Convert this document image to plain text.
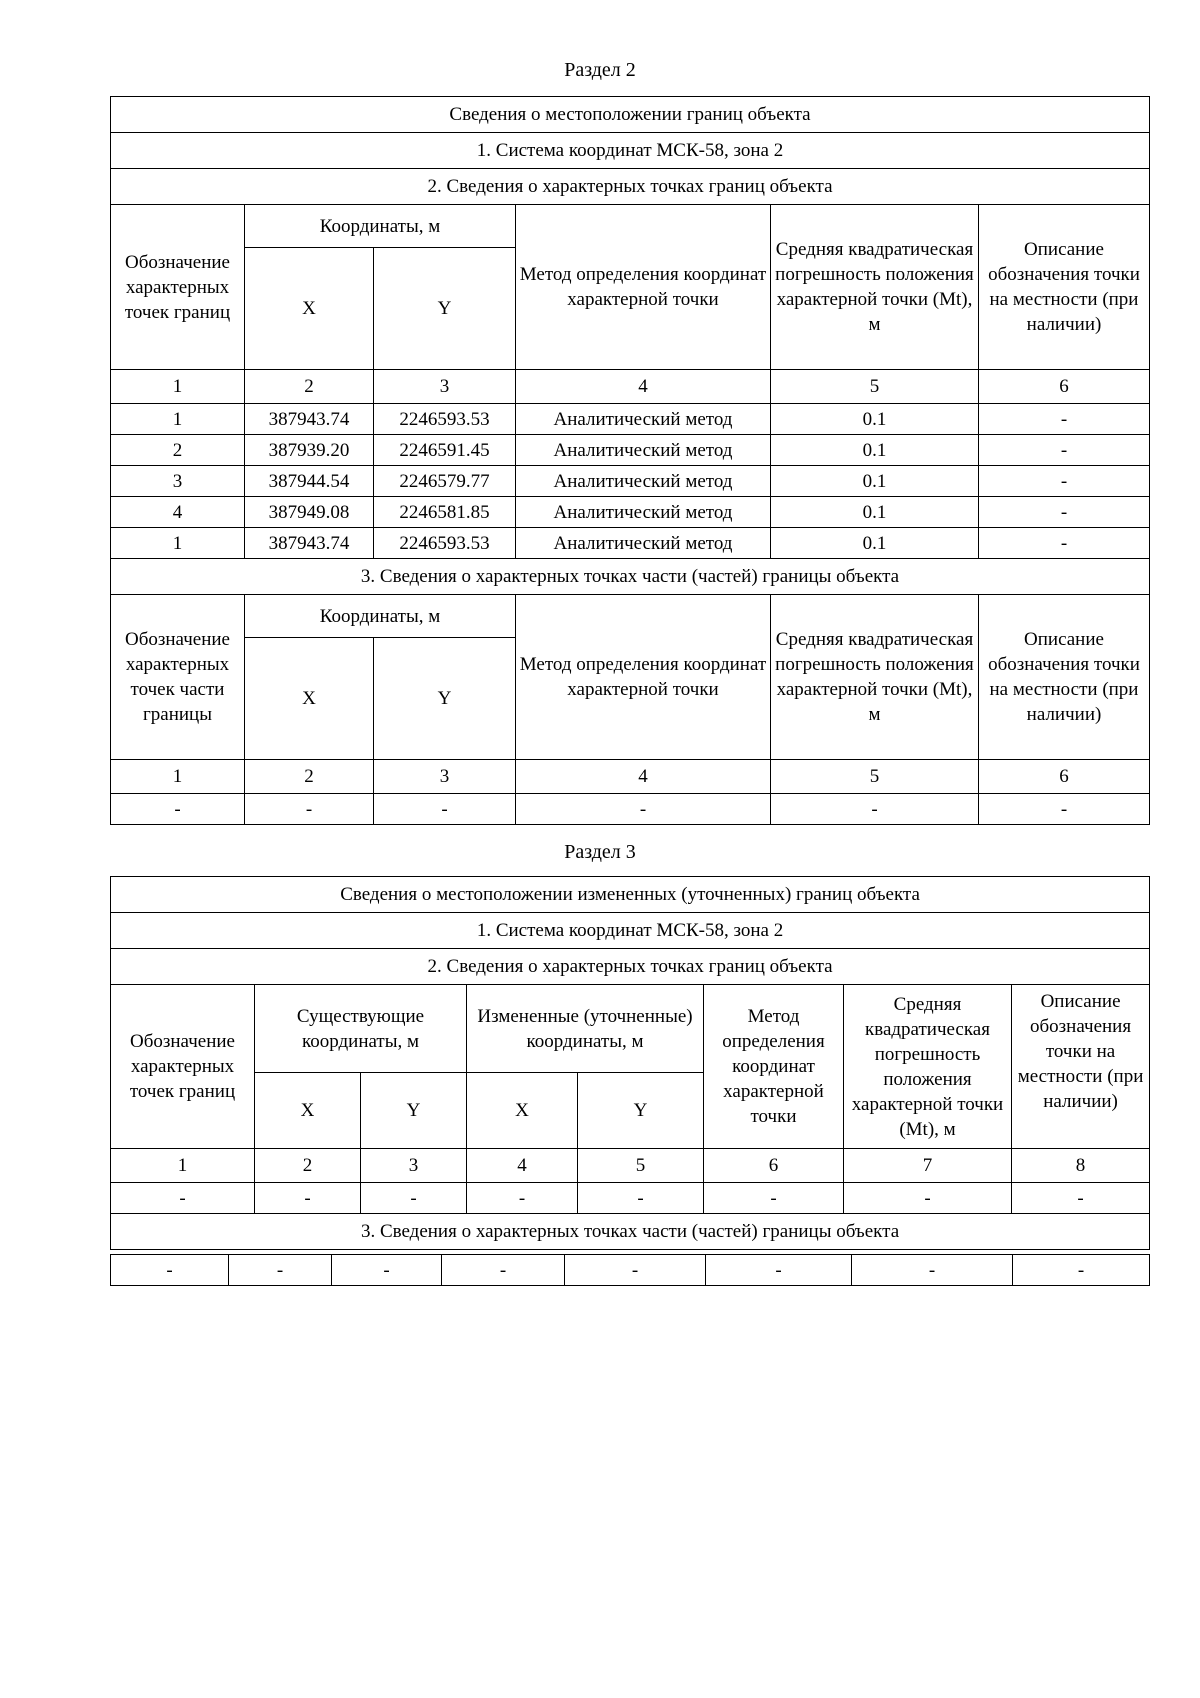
Раздел 2
Сведения о местоположении границ объекта					
1. Система координат МСК-58, зона 2					
2. Сведения о характерных точках границ объекта					
Обозначение характерных точек границ	Координаты, м		Метод определения координат характерной точки	Средняя квадратическая погрешность положения характерной точки (Mt), м	Описание обозначения точки на местности (при наличии)
	X	Y			
1	2	3	4	5	6
1	387943.74	2246593.53	Аналитический метод	0.1	-
2	387939.20	2246591.45	Аналитический метод	0.1	-
3	387944.54	2246579.77	Аналитический метод	0.1	-
4	387949.08	2246581.85	Аналитический метод	0.1	-
1	387943.74	2246593.53	Аналитический метод	0.1	-
3. Сведения о характерных точках части (частей) границы объекта					
Обозначение характерных точек части границы	Координаты, м		Метод определения координат характерной точки	Средняя квадратическая погрешность положения характерной точки (Mt), м	Описание обозначения точки на местности (при наличии)
	X	Y			
1	2	3	4	5	6
-	-	-	-	-	-
Раздел 3
Сведения о местоположении измененных (уточненных) границ объекта							
1. Система координат МСК-58, зона 2							
2. Сведения о характерных точках границ объекта							
Обозначение характерных точек границ	Существующие координаты, м		Измененные (уточненные) координаты, м		Метод определения координат характерной точки	Средняя квадратическая погрешность положения характерной точки (Mt), м	Описание обозначения точки на местности (при наличии)
	X	Y	X	Y			
1	2	3	4	5	6	7	8
-	-	-	-	-	-	-	-
3. Сведения о характерных точках части (частей) границы объекта							
-	-	-	-	-	-	-	-
